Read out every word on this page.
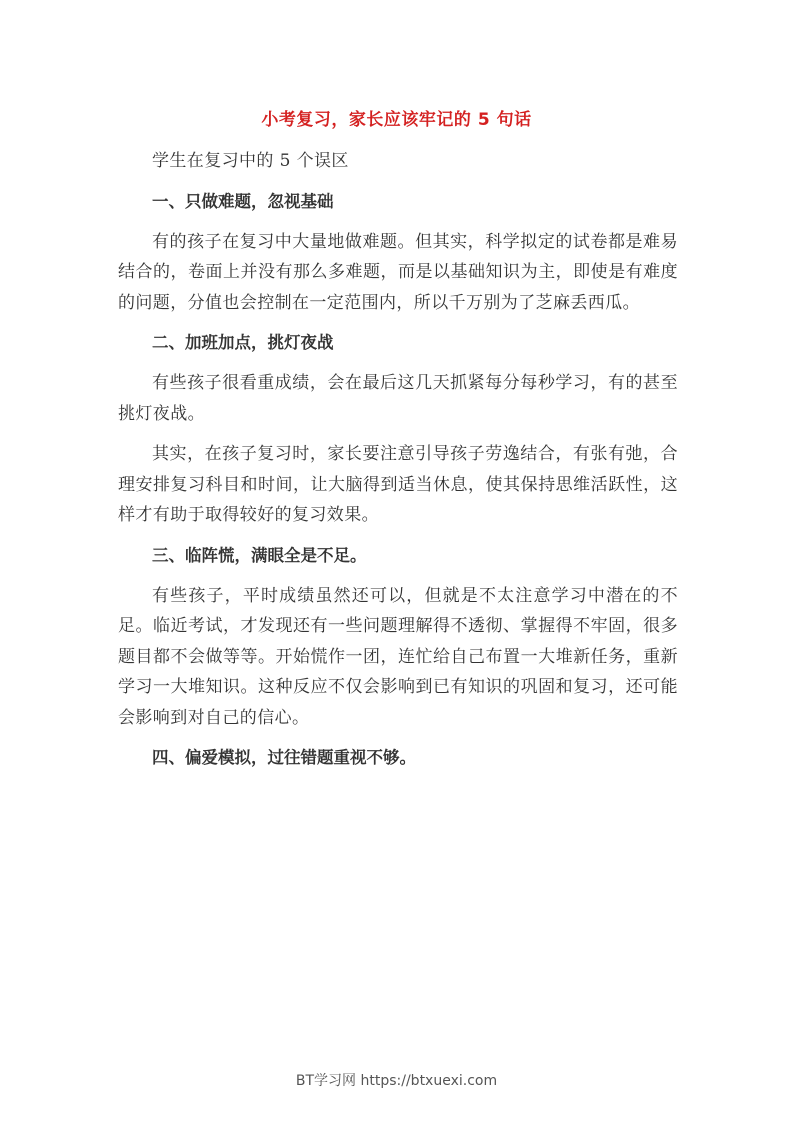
小考复习，家长应该牢记的 5 句话

学生在复习中的 5 个误区

一、只做难题，忽视基础

有的孩子在复习中大量地做难题。但其实，科学拟定的试卷都是难易结合的，卷面上并没有那么多难题，而是以基础知识为主，即使是有难度的问题，分值也会控制在一定范围内，所以千万别为了芝麻丢西瓜。

二、加班加点，挑灯夜战

有些孩子很看重成绩，会在最后这几天抓紧每分每秒学习，有的甚至挑灯夜战。

其实，在孩子复习时，家长要注意引导孩子劳逸结合，有张有弛，合理安排复习科目和时间，让大脑得到适当休息，使其保持思维活跃性，这样才有助于取得较好的复习效果。

三、临阵慌，满眼全是不足。

有些孩子，平时成绩虽然还可以，但就是不太注意学习中潜在的不足。临近考试，才发现还有一些问题理解得不透彻、掌握得不牢固，很多题目都不会做等等。开始慌作一团，连忙给自己布置一大堆新任务，重新学习一大堆知识。这种反应不仅会影响到已有知识的巩固和复习，还可能会影响到对自己的信心。

四、偏爱模拟，过往错题重视不够。

BT学习网 https://btxuexi.com
